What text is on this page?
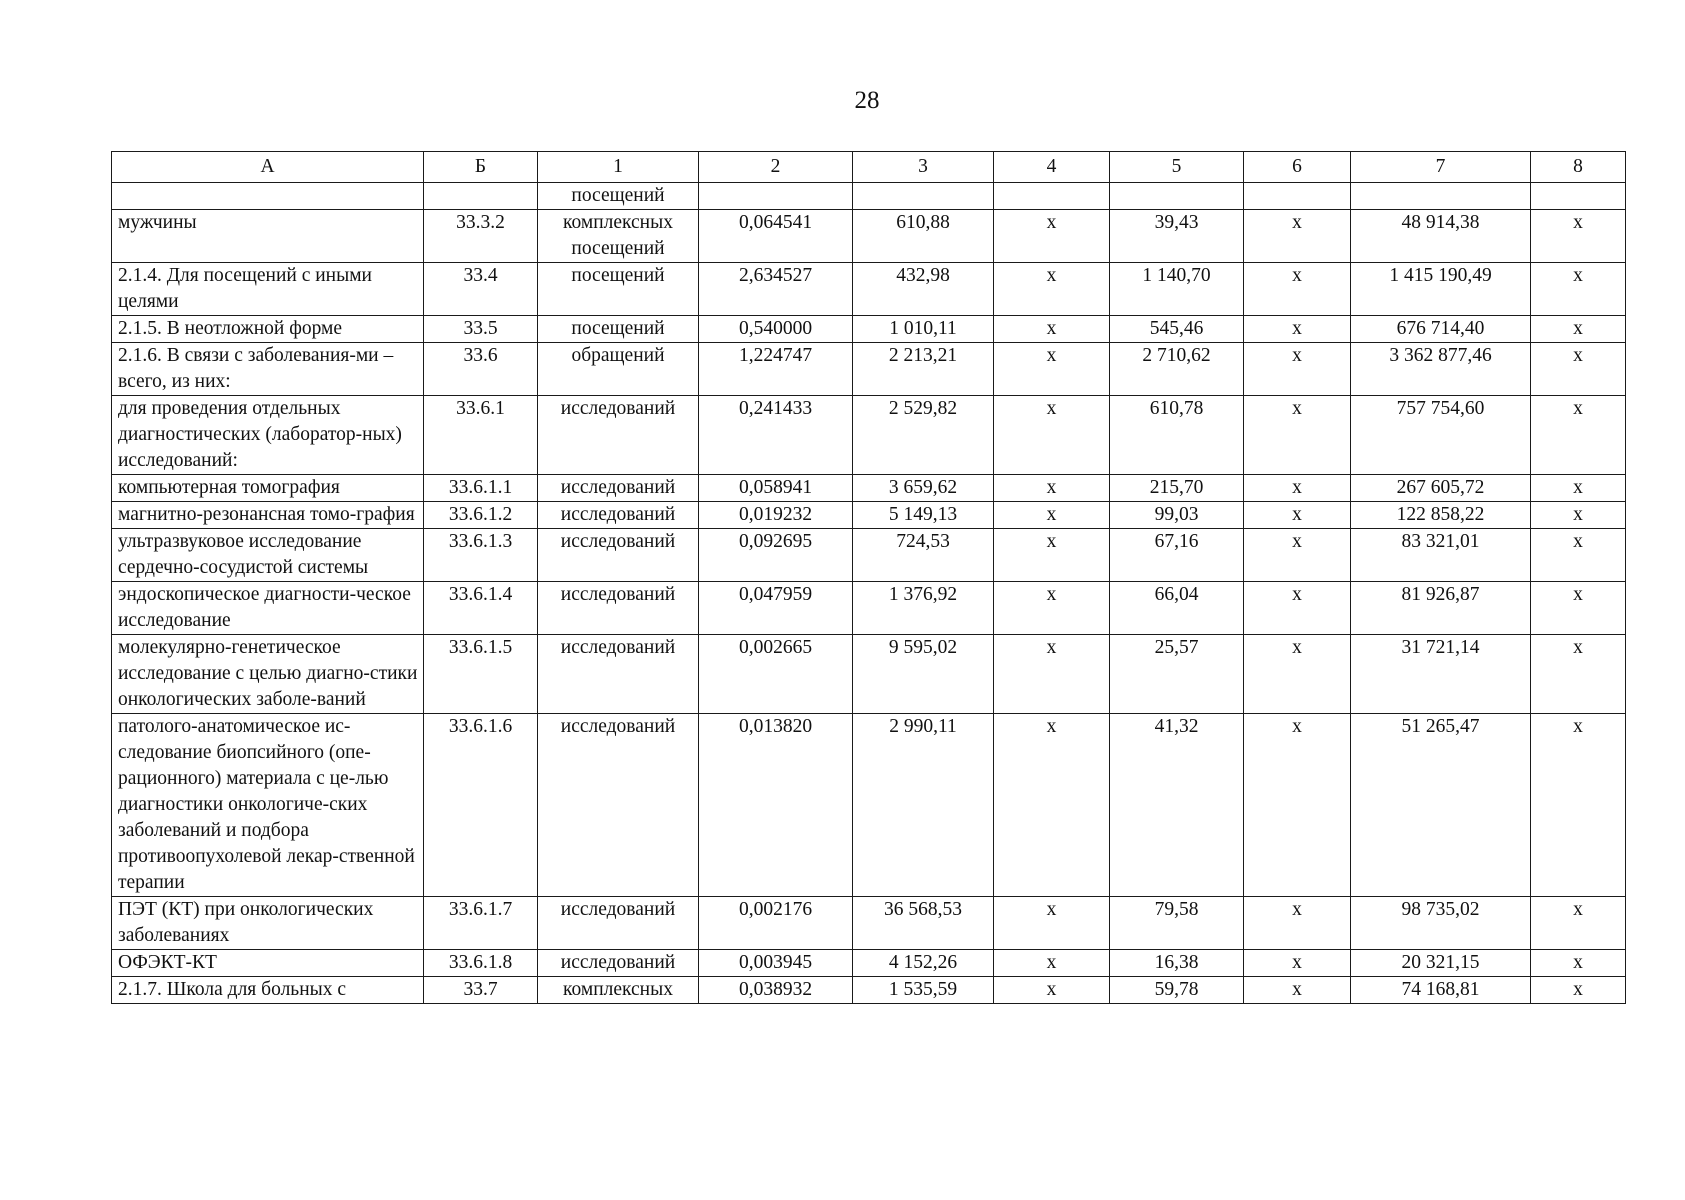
28
А	Б	1	2	3	4	5	6	7	8
		посещений							
мужчины	33.3.2	комплексных посещений	0,064541	610,88	х	39,43	х	48 914,38	х
2.1.4. Для посещений с иными целями	33.4	посещений	2,634527	432,98	х	1 140,70	х	1 415 190,49	х
2.1.5. В неотложной форме	33.5	посещений	0,540000	1 010,11	х	545,46	х	676 714,40	х
2.1.6. В связи с заболевания-ми – всего, из них:	33.6	обращений	1,224747	2 213,21	х	2 710,62	х	3 362 877,46	х
для проведения отдельных диагностических (лаборатор-ных) исследований:	33.6.1	исследований	0,241433	2 529,82	х	610,78	х	757 754,60	х
компьютерная томография	33.6.1.1	исследований	0,058941	3 659,62	х	215,70	х	267 605,72	х
магнитно-резонансная томо-графия	33.6.1.2	исследований	0,019232	5 149,13	х	99,03	х	122 858,22	х
ультразвуковое исследование сердечно-сосудистой системы	33.6.1.3	исследований	0,092695	724,53	х	67,16	х	83 321,01	х
эндоскопическое диагности-ческое исследование	33.6.1.4	исследований	0,047959	1 376,92	х	66,04	х	81 926,87	х
молекулярно-генетическое исследование с целью диагно-стики онкологических заболе-ваний	33.6.1.5	исследований	0,002665	9 595,02	х	25,57	х	31 721,14	х
патолого-анатомическое ис-следование биопсийного (опе-рационного) материала с це-лью диагностики онкологиче-ских заболеваний и подбора противоопухолевой лекар-ственной терапии	33.6.1.6	исследований	0,013820	2 990,11	х	41,32	х	51 265,47	х
ПЭТ (КТ) при онкологических заболеваниях	33.6.1.7	исследований	0,002176	36 568,53	х	79,58	х	98 735,02	х
ОФЭКТ-КТ	33.6.1.8	исследований	0,003945	4 152,26	х	16,38	х	20 321,15	х
2.1.7. Школа для больных с	33.7	комплексных	0,038932	1 535,59	х	59,78	х	74 168,81	х
